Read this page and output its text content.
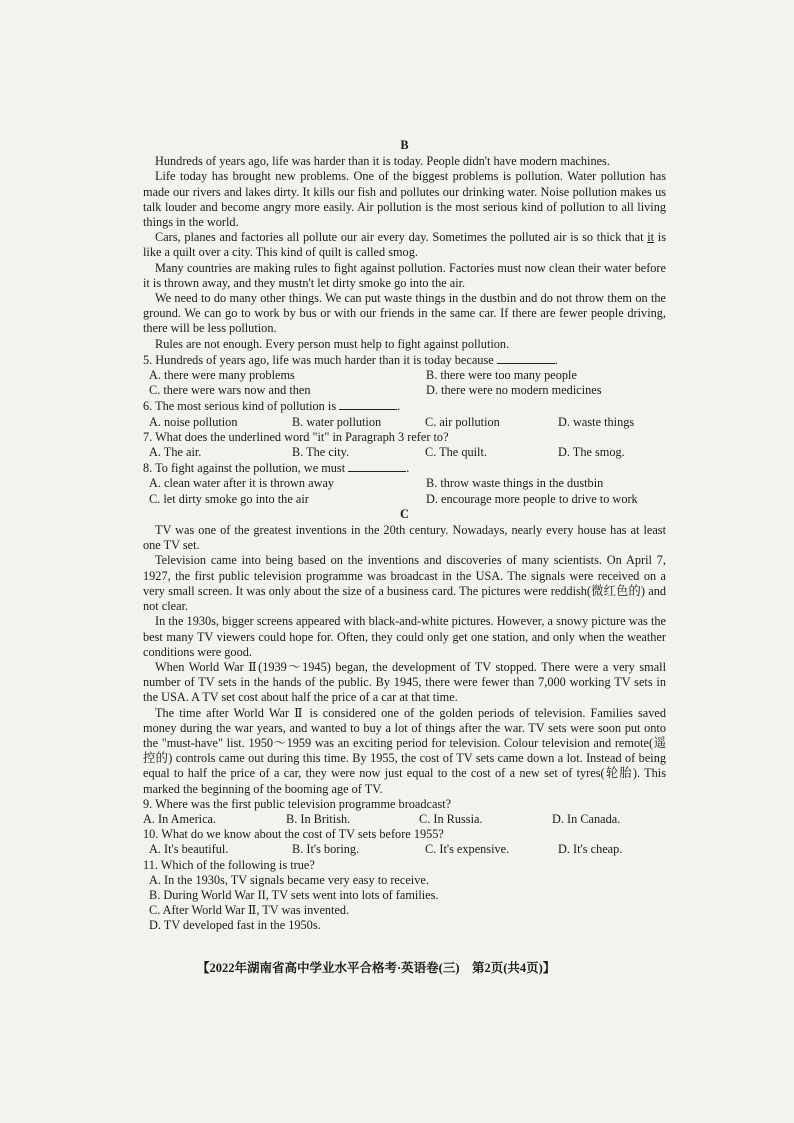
B

Hundreds of years ago, life was harder than it is today. People didn't have modern machines.

Life today has brought new problems. One of the biggest problems is pollution. Water pollution has made our rivers and lakes dirty. It kills our fish and pollutes our drinking water. Noise pollution makes us talk louder and become angry more easily. Air pollution is the most serious kind of pollution to all living things in the world.

Cars, planes and factories all pollute our air every day. Sometimes the polluted air is so thick that it is like a quilt over a city. This kind of quilt is called smog.

Many countries are making rules to fight against pollution. Factories must now clean their water before it is thrown away, and they mustn't let dirty smoke go into the air.

We need to do many other things. We can put waste things in the dustbin and do not throw them on the ground. We can go to work by bus or with our friends in the same car. If there are fewer people driving, there will be less pollution.

Rules are not enough. Every person must help to fight against pollution.

5. Hundreds of years ago, life was much harder than it is today because	.

A. there were many problems	B. there were too many people
C. there were wars now and then	D. there were no modern medicines

6. The most serious kind of pollution is	.

A. noise pollution	B. water pollution	C. air pollution	D. waste things

7. What does the underlined word "it" in Paragraph 3 refer to?

A. The air.	B. The city.	C. The quilt.	D. The smog.

8. To fight against the pollution, we must	.

A. clean water after it is thrown away	B. throw waste things in the dustbin
C. let dirty smoke go into the air	D. encourage more people to drive to work
C

TV was one of the greatest inventions in the 20th century. Nowadays, nearly every house has at least one TV set.

Television came into being based on the inventions and discoveries of many scientists. On April 7, 1927, the first public television programme was broadcast in the USA. The signals were received on a very small screen. It was only about the size of a business card. The pictures were reddish(微红色的) and not clear.

In the 1930s, bigger screens appeared with black-and-white pictures. However, a snowy picture was the best many TV viewers could hope for. Often, they could only get one station, and only when the weather conditions were good.

When World War Ⅱ(1939～1945) began, the development of TV stopped. There were a very small number of TV sets in the hands of the public. By 1945, there were fewer than 7,000 working TV sets in the USA. A TV set cost about half the price of a car at that time.

The time after World War Ⅱ is considered one of the golden periods of television. Families saved money during the war years, and wanted to buy a lot of things after the war. TV sets were soon put onto the "must-have" list. 1950～1959 was an exciting period for television. Colour television and remote(遥控的) controls came out during this time. By 1955, the cost of TV sets came down a lot. Instead of being equal to half the price of a car, they were now just equal to the cost of a new set of tyres(轮胎). This marked the beginning of the booming age of TV.

9. Where was the first public television programme broadcast?

A. In America.	B. In British.	C. In Russia.	D. In Canada.

10. What do we know about the cost of TV sets before 1955?

A. It's beautiful.	B. It's boring.	C. It's expensive.	D. It's cheap.

11. Which of the following is true?

A. In the 1930s, TV signals became very easy to receive.
B. During World War II, TV sets went into lots of families.
C. After World War Ⅱ, TV was invented.
D. TV developed fast in the 1950s.
【2022年湖南省高中学业水平合格考·英语卷(三)　第2页(共4页)】
